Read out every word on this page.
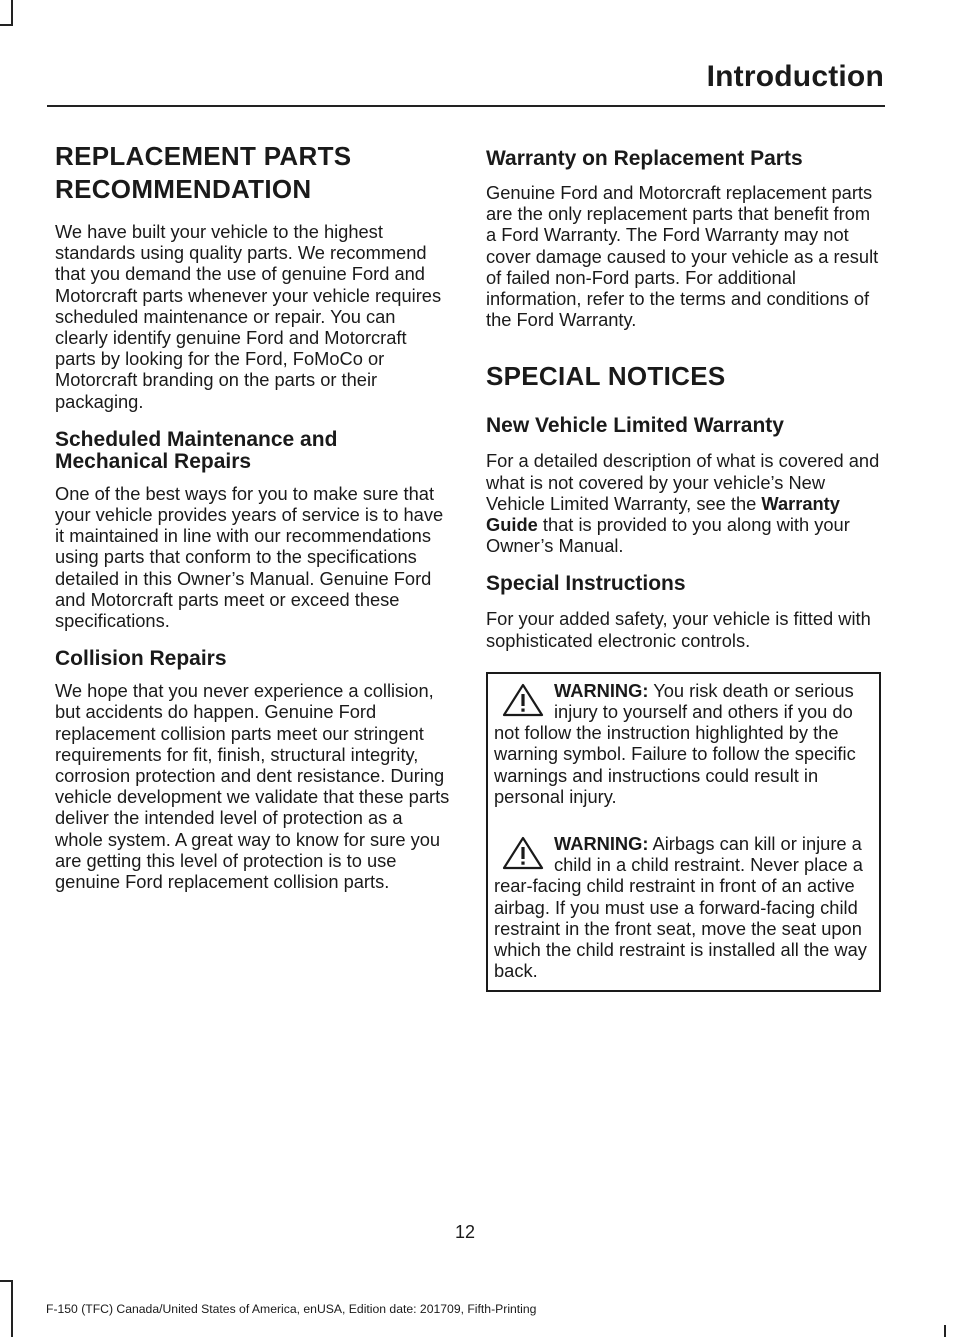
Introduction
REPLACEMENT PARTS
RECOMMENDATION

We have built your vehicle to the highest standards using quality parts. We recommend that you demand the use of genuine Ford and Motorcraft parts whenever your vehicle requires scheduled maintenance or repair. You can clearly identify genuine Ford and Motorcraft parts by looking for the Ford, FoMoCo or Motorcraft branding on the parts or their packaging.

Scheduled Maintenance and Mechanical Repairs

One of the best ways for you to make sure that your vehicle provides years of service is to have it maintained in line with our recommendations using parts that conform to the specifications detailed in this Owner’s Manual. Genuine Ford and Motorcraft parts meet or exceed these specifications.

Collision Repairs

We hope that you never experience a collision, but accidents do happen. Genuine Ford replacement collision parts meet our stringent requirements for fit, finish, structural integrity, corrosion protection and dent resistance. During vehicle development we validate that these parts deliver the intended level of protection as a whole system. A great way to know for sure you are getting this level of protection is to use genuine Ford replacement collision parts.

Warranty on Replacement Parts

Genuine Ford and Motorcraft replacement parts are the only replacement parts that benefit from a Ford Warranty. The Ford Warranty may not cover damage caused to your vehicle as a result of failed non-Ford parts. For additional information, refer to the terms and conditions of the Ford Warranty.

SPECIAL NOTICES
New Vehicle Limited Warranty

For a detailed description of what is covered and what is not covered by your vehicle’s New Vehicle Limited Warranty, see the Warranty Guide that is provided to you along with your Owner’s Manual.

Special Instructions

For your added safety, your vehicle is fitted with sophisticated electronic controls.

WARNING: You risk death or serious injury to yourself and others if you do not follow the instruction highlighted by the warning symbol. Failure to follow the specific warnings and instructions could result in personal injury.
WARNING: Airbags can kill or injure a child in a child restraint. Never place a rear-facing child restraint in front of an active airbag. If you must use a forward-facing child restraint in the front seat, move the seat upon which the child restraint is installed all the way back.
12
F-150 (TFC) Canada/United States of America, enUSA, Edition date: 201709, Fifth-Printing
